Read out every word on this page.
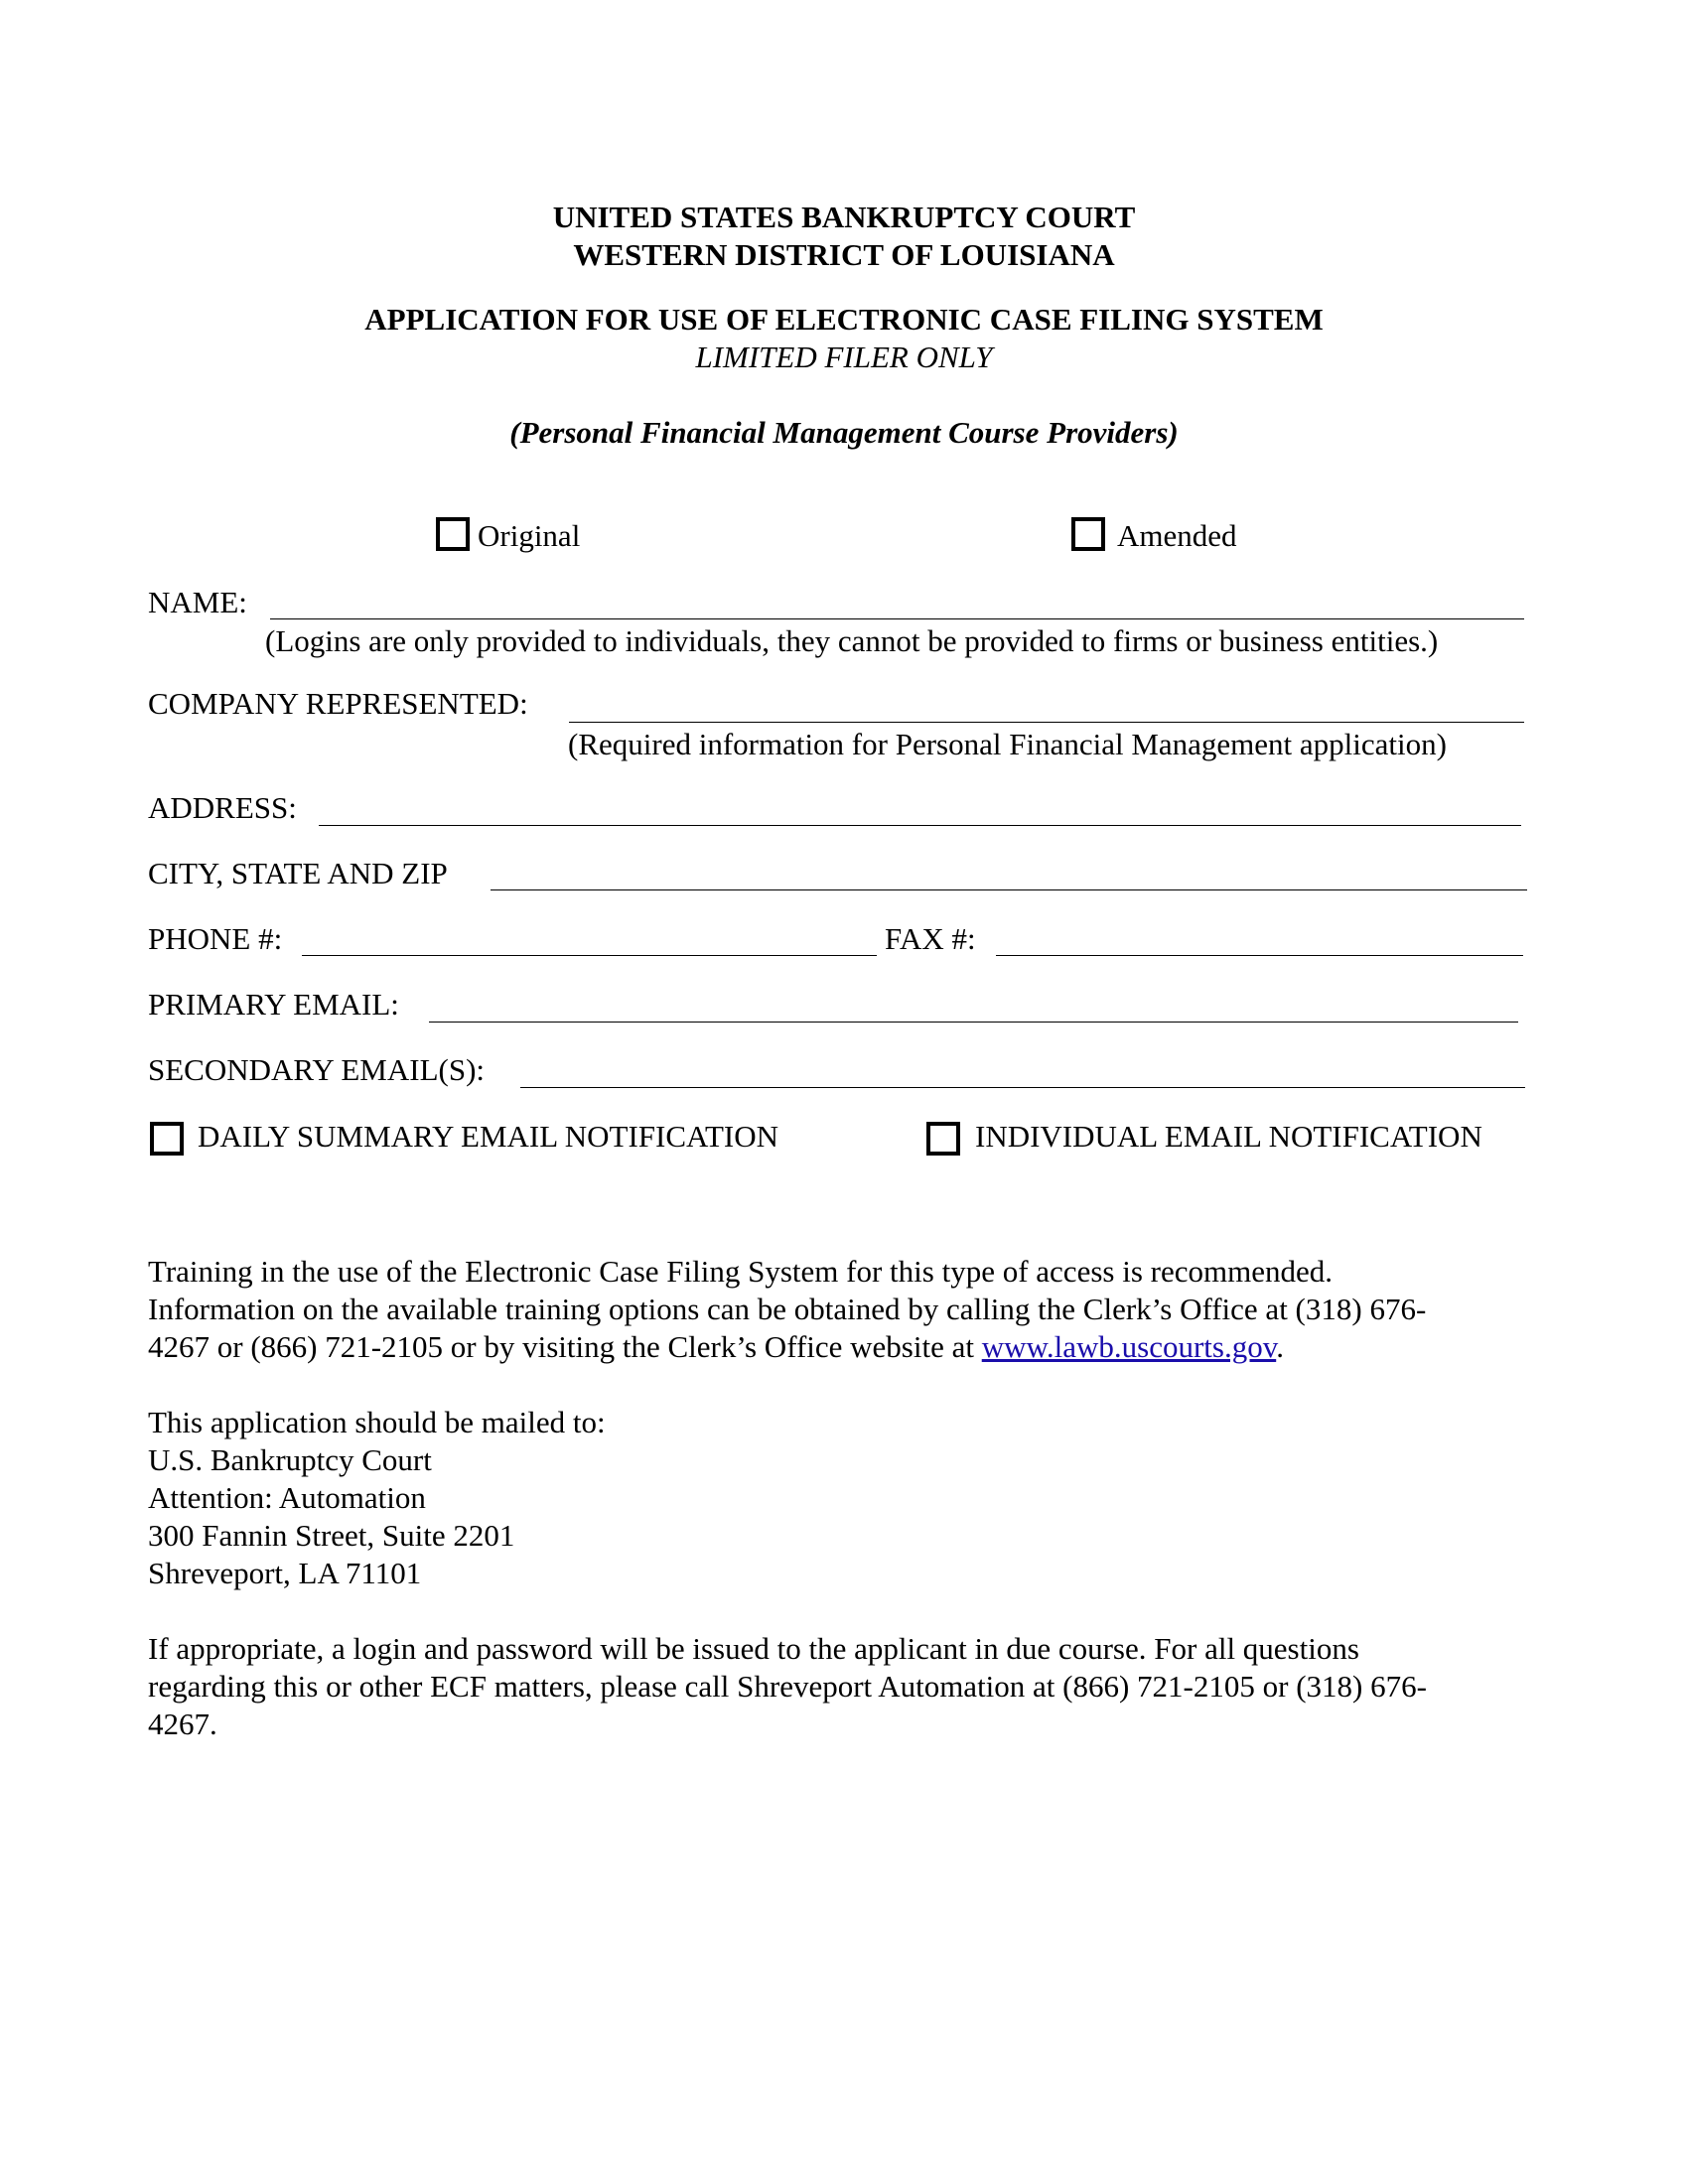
UNITED STATES BANKRUPTCY COURT
WESTERN DISTRICT OF LOUISIANA
APPLICATION FOR USE OF ELECTRONIC CASE FILING SYSTEM
LIMITED FILER ONLY
(Personal Financial Management Course Providers)
Original	Amended
NAME:
(Logins are only provided to individuals, they cannot be provided to firms or business entities.)
COMPANY REPRESENTED:
(Required information for Personal Financial Management application)
ADDRESS:
CITY, STATE AND ZIP
PHONE #:	FAX #:
PRIMARY EMAIL:
SECONDARY EMAIL(S):
DAILY SUMMARY EMAIL NOTIFICATION	INDIVIDUAL EMAIL NOTIFICATION
Training in the use of the Electronic Case Filing System for this type of access is recommended.
Information on the available training options can be obtained by calling the Clerk’s Office at (318) 676-
4267 or (866) 721-2105 or by visiting the Clerk’s Office website at www.lawb.uscourts.gov.
This application should be mailed to:
U.S. Bankruptcy Court
Attention: Automation
300 Fannin Street, Suite 2201
Shreveport, LA 71101
If appropriate, a login and password will be issued to the applicant in due course. For all questions
regarding this or other ECF matters, please call Shreveport Automation at (866) 721-2105 or (318) 676-
4267.
